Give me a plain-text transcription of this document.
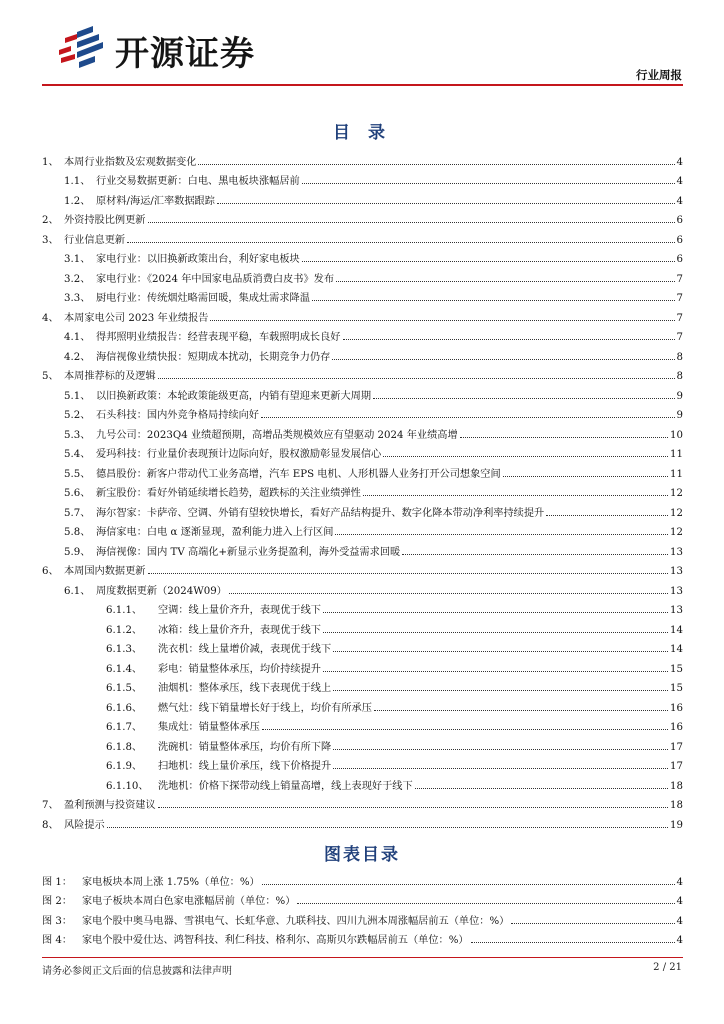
开源证券
行业周报
目 录
1、 本周行业指数及宏观数据变化	4
1.1、 行业交易数据更新：白电、黑电板块涨幅居前	4
1.2、 原材料/海运/汇率数据跟踪	4
2、 外资持股比例更新	6
3、 行业信息更新	6
3.1、 家电行业：以旧换新政策出台，利好家电板块	6
3.2、 家电行业：《2024 年中国家电品质消费白皮书》发布	7
3.3、 厨电行业：传统烟灶略需回暖，集成灶需求降温	7
4、 本周家电公司 2023 年业绩报告	7
4.1、 得邦照明业绩报告：经营表现平稳，车载照明成长良好	7
4.2、 海信视像业绩快报：短期成本扰动，长期竞争力仍存	8
5、 本周推荐标的及逻辑	8
5.1、 以旧换新政策：本轮政策能级更高，内销有望迎来更新大周期	9
5.2、 石头科技：国内外竞争格局持续向好	9
5.3、 九号公司：2023Q4 业绩超预期，高增品类规模效应有望驱动 2024 年业绩高增	10
5.4、 爱玛科技：行业量价表现预计边际向好，股权激励彰显发展信心	11
5.5、 德昌股份：新客户带动代工业务高增，汽车 EPS 电机、人形机器人业务打开公司想象空间	11
5.6、 新宝股份：看好外销延续增长趋势，超跌标的关注业绩弹性	12
5.7、 海尔智家：卡萨帝、空调、外销有望较快增长，看好产品结构提升、数字化降本带动净利率持续提升	12
5.8、 海信家电：白电 α 逐渐显现，盈利能力进入上行区间	12
5.9、 海信视像：国内 TV 高端化+新显示业务提盈利，海外受益需求回暖	13
6、 本周国内数据更新	13
6.1、 周度数据更新（2024W09）	13
6.1.1、	空调：线上量价齐升，表现优于线下	13
6.1.2、	冰箱：线上量价齐升，表现优于线下	14
6.1.3、	洗衣机：线上量增价减，表现优于线下	14
6.1.4、	彩电：销量整体承压，均价持续提升	15
6.1.5、	油烟机：整体承压，线下表现优于线上	15
6.1.6、	燃气灶：线下销量增长好于线上，均价有所承压	16
6.1.7、	集成灶：销量整体承压	16
6.1.8、	洗碗机：销量整体承压，均价有所下降	17
6.1.9、	扫地机：线上量价承压，线下价格提升	17
6.1.10、 洗地机：价格下探带动线上销量高增，线上表现好于线下	18
7、 盈利预测与投资建议	18
8、 风险提示	19
图表目录
图 1： 家电板块本周上涨 1.75%（单位：%）	4
图 2： 家电子板块本周白色家电涨幅居前（单位：%）	4
图 3： 家电个股中奥马电器、雪祺电气、长虹华意、九联科技、四川九洲本周涨幅居前五（单位：%）	4
图 4： 家电个股中爱仕达、鸿智科技、利仁科技、格利尔、高斯贝尔跌幅居前五（单位：%）	4
请务必参阅正文后面的信息披露和法律声明	2 / 21
